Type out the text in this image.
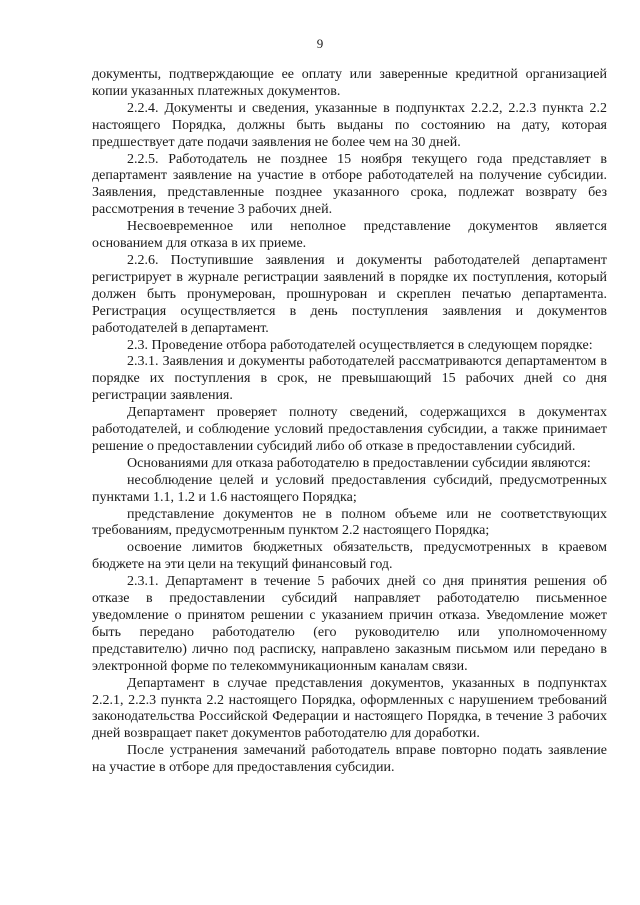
9

документы, подтверждающие ее оплату или заверенные кредитной организацией копии указанных платежных документов.

2.2.4. Документы и сведения, указанные в подпунктах 2.2.2, 2.2.3 пункта 2.2 настоящего Порядка, должны быть выданы по состоянию на дату, которая предшествует дате подачи заявления не более чем на 30 дней.

2.2.5. Работодатель не позднее 15 ноября текущего года представляет в департамент заявление на участие в отборе работодателей на получение субсидии. Заявления, представленные позднее указанного срока, подлежат возврату без рассмотрения в течение 3 рабочих дней.

Несвоевременное или неполное представление документов является основанием для отказа в их приеме.

2.2.6. Поступившие заявления и документы работодателей департамент регистрирует в журнале регистрации заявлений в порядке их поступления, который должен быть пронумерован, прошнурован и скреплен печатью департамента. Регистрация осуществляется в день поступления заявления и документов работодателей в департамент.

2.3. Проведение отбора работодателей осуществляется в следующем порядке:

2.3.1. Заявления и документы работодателей рассматриваются департаментом в порядке их поступления в срок, не превышающий 15 рабочих дней со дня регистрации заявления.

Департамент проверяет полноту сведений, содержащихся в документах работодателей, и соблюдение условий предоставления субсидии, а также принимает решение о предоставлении субсидий либо об отказе в предоставлении субсидий.

Основаниями для отказа работодателю в предоставлении субсидии являются:

несоблюдение целей и условий предоставления субсидий, предусмотренных пунктами 1.1, 1.2 и 1.6 настоящего Порядка;

представление документов не в полном объеме или не соответствующих требованиям, предусмотренным пунктом 2.2 настоящего Порядка;

освоение лимитов бюджетных обязательств, предусмотренных в краевом бюджете на эти цели на текущий финансовый год.

2.3.1. Департамент в течение 5 рабочих дней со дня принятия решения об отказе в предоставлении субсидий направляет работодателю письменное уведомление о принятом решении с указанием причин отказа. Уведомление может быть передано работодателю (его руководителю или уполномоченному представителю) лично под расписку, направлено заказным письмом или передано в электронной форме по телекоммуникационным каналам связи.

Департамент в случае представления документов, указанных в подпунктах 2.2.1, 2.2.3 пункта 2.2 настоящего Порядка, оформленных с нарушением требований законодательства Российской Федерации и настоящего Порядка, в течение 3 рабочих дней возвращает пакет документов работодателю для доработки.

После устранения замечаний работодатель вправе повторно подать заявление на участие в отборе для предоставления субсидии.
